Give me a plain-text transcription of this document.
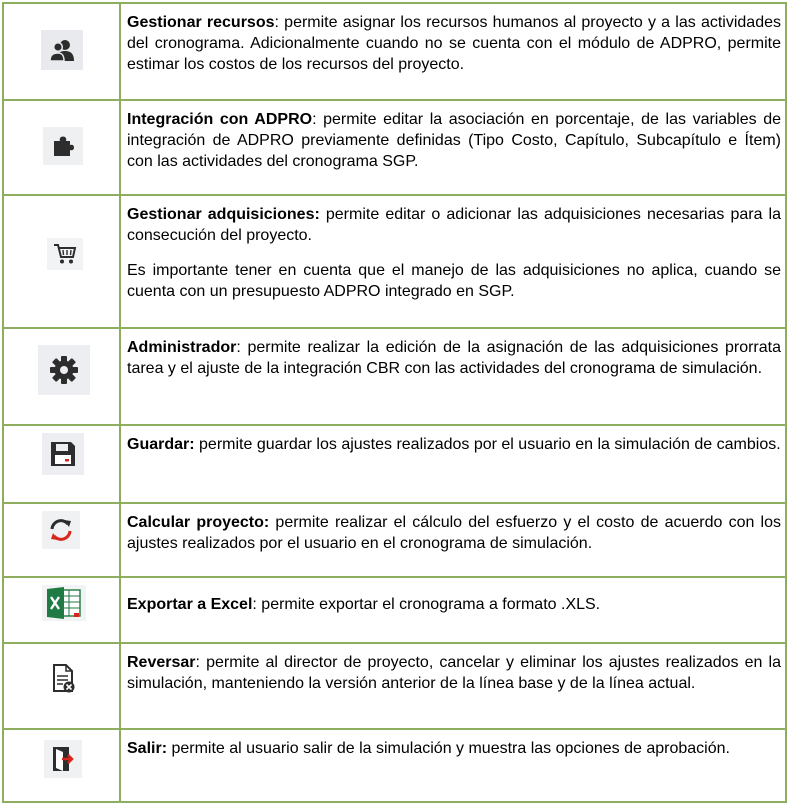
Gestionar recursos: permite asignar los recursos humanos al proyecto y a las actividades del cronograma. Adicionalmente cuando no se cuenta con el módulo de ADPRO, permite estimar los costos de los recursos del proyecto.

Integración con ADPRO: permite editar la asociación en porcentaje, de las variables de integración de ADPRO previamente definidas (Tipo Costo, Capítulo, Subcapítulo e Ítem) con las actividades del cronograma SGP.

Gestionar adquisiciones: permite editar o adicionar las adquisiciones necesarias para la consecución del proyecto.

Es importante tener en cuenta que el manejo de las adquisiciones no aplica, cuando se cuenta con un presupuesto ADPRO integrado en SGP.

Administrador: permite realizar la edición de la asignación de las adquisiciones prorrata tarea y el ajuste de la integración CBR con las actividades del cronograma de simulación.

Guardar: permite guardar los ajustes realizados por el usuario en la simulación de cambios.

Calcular proyecto: permite realizar el cálculo del esfuerzo y el costo de acuerdo con los ajustes realizados por el usuario en el cronograma de simulación.

Exportar a Excel: permite exportar el cronograma a formato .XLS.

Reversar: permite al director de proyecto, cancelar y eliminar los ajustes realizados en la simulación, manteniendo la versión anterior de la línea base y de la línea actual.

Salir: permite al usuario salir de la simulación y muestra las opciones de aprobación.
